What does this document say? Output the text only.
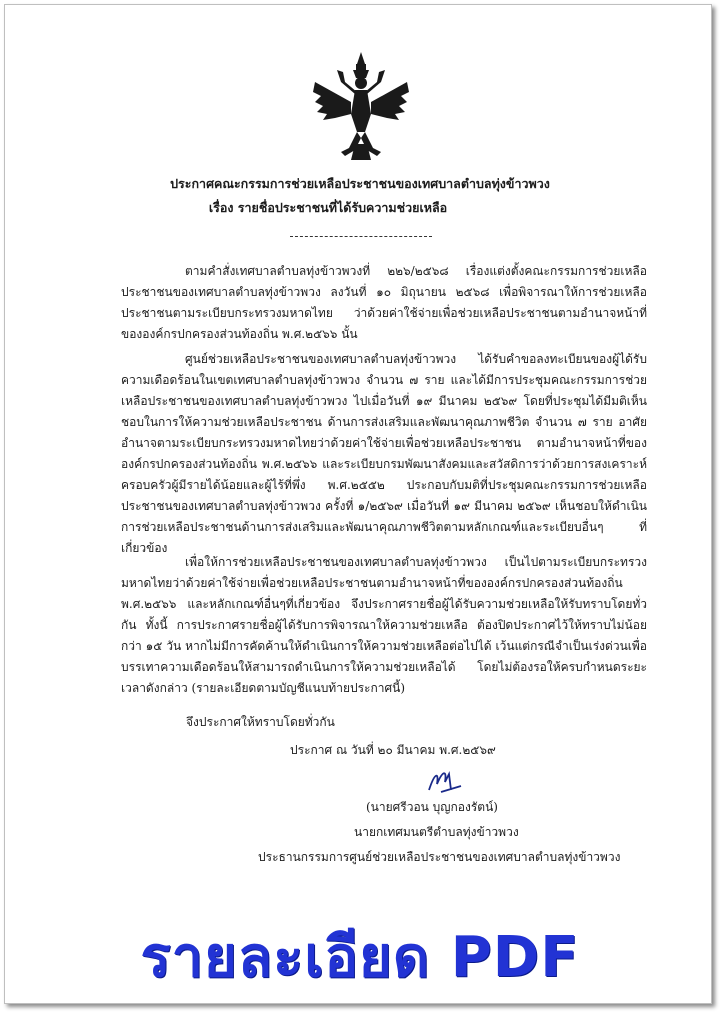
ประกาศคณะกรรมการช่วยเหลือประชาชนของเทศบาลตำบลทุ่งข้าวพวง
เรื่อง รายชื่อประชาชนที่ได้รับความช่วยเหลือ

ตามคำสั่งเทศบาลตำบลทุ่งข้าวพวงที่ ๒๒๖/๒๕๖๘ เรื่องแต่งตั้งคณะกรรมการช่วยเหลือประชาชนของเทศบาลตำบลทุ่งข้าวพวง ลงวันที่ ๑๐ มิถุนายน ๒๕๖๘ เพื่อพิจารณาให้การช่วยเหลือประชาชนตามระเบียบกระทรวงมหาดไทย ว่าด้วยค่าใช้จ่ายเพื่อช่วยเหลือประชาชนตามอำนาจหน้าที่ขององค์กรปกครองส่วนท้องถิ่น พ.ศ.๒๕๖๖ นั้น

ศูนย์ช่วยเหลือประชาชนของเทศบาลตำบลทุ่งข้าวพวง ได้รับคำขอลงทะเบียนของผู้ได้รับความเดือดร้อนในเขตเทศบาลตำบลทุ่งข้าวพวง จำนวน ๗ ราย และได้มีการประชุมคณะกรรมการช่วยเหลือประชาชนของเทศบาลตำบลทุ่งข้าวพวง ไปเมื่อวันที่ ๑๙ มีนาคม ๒๕๖๙ โดยที่ประชุมได้มีมติเห็นชอบในการให้ความช่วยเหลือประชาชน ด้านการส่งเสริมและพัฒนาคุณภาพชีวิต จำนวน ๗ ราย อาศัยอำนาจตามระเบียบกระทรวงมหาดไทยว่าด้วยค่าใช้จ่ายเพื่อช่วยเหลือประชาชน ตามอำนาจหน้าที่ขององค์กรปกครองส่วนท้องถิ่น พ.ศ.๒๕๖๖ และระเบียบกรมพัฒนาสังคมและสวัสดิการว่าด้วยการสงเคราะห์ครอบครัวผู้มีรายได้น้อยและผู้ไร้ที่พึ่ง พ.ศ.๒๕๕๒ ประกอบกับมติที่ประชุมคณะกรรมการช่วยเหลือประชาชนของเทศบาลตำบลทุ่งข้าวพวง ครั้งที่ ๑/๒๕๖๙ เมื่อวันที่ ๑๙ มีนาคม ๒๕๖๙ เห็นชอบให้ดำเนินการช่วยเหลือประชาชนด้านการส่งเสริมและพัฒนาคุณภาพชีวิตตามหลักเกณฑ์และระเบียบอื่นๆ ที่เกี่ยวข้อง

เพื่อให้การช่วยเหลือประชาชนของเทศบาลตำบลทุ่งข้าวพวง เป็นไปตามระเบียบกระทรวงมหาดไทยว่าด้วยค่าใช้จ่ายเพื่อช่วยเหลือประชาชนตามอำนาจหน้าที่ขององค์กรปกครองส่วนท้องถิ่น พ.ศ.๒๕๖๖ และหลักเกณฑ์อื่นๆที่เกี่ยวข้อง จึงประกาศรายชื่อผู้ได้รับความช่วยเหลือให้รับทราบโดยทั่วกัน ทั้งนี้ การประกาศรายชื่อผู้ได้รับการพิจารณาให้ความช่วยเหลือ ต้องปิดประกาศไว้ให้ทราบไม่น้อยกว่า ๑๕ วัน หากไม่มีการคัดค้านให้ดำเนินการให้ความช่วยเหลือต่อไปได้ เว้นแต่กรณีจำเป็นเร่งด่วนเพื่อบรรเทาความเดือดร้อนให้สามารถดำเนินการให้ความช่วยเหลือได้ โดยไม่ต้องรอให้ครบกำหนดระยะเวลาดังกล่าว (รายละเอียดตามบัญชีแนบท้ายประกาศนี้)

จึงประกาศให้ทราบโดยทั่วกัน
ประกาศ ณ วันที่ ๒๐ มีนาคม พ.ศ.๒๕๖๙
(นายศรีวอน บุญกองรัตน์)
นายกเทศมนตรีตำบลทุ่งข้าวพวง
ประธานกรรมการศูนย์ช่วยเหลือประชาชนของเทศบาลตำบลทุ่งข้าวพวง
รายละเอียด PDF
